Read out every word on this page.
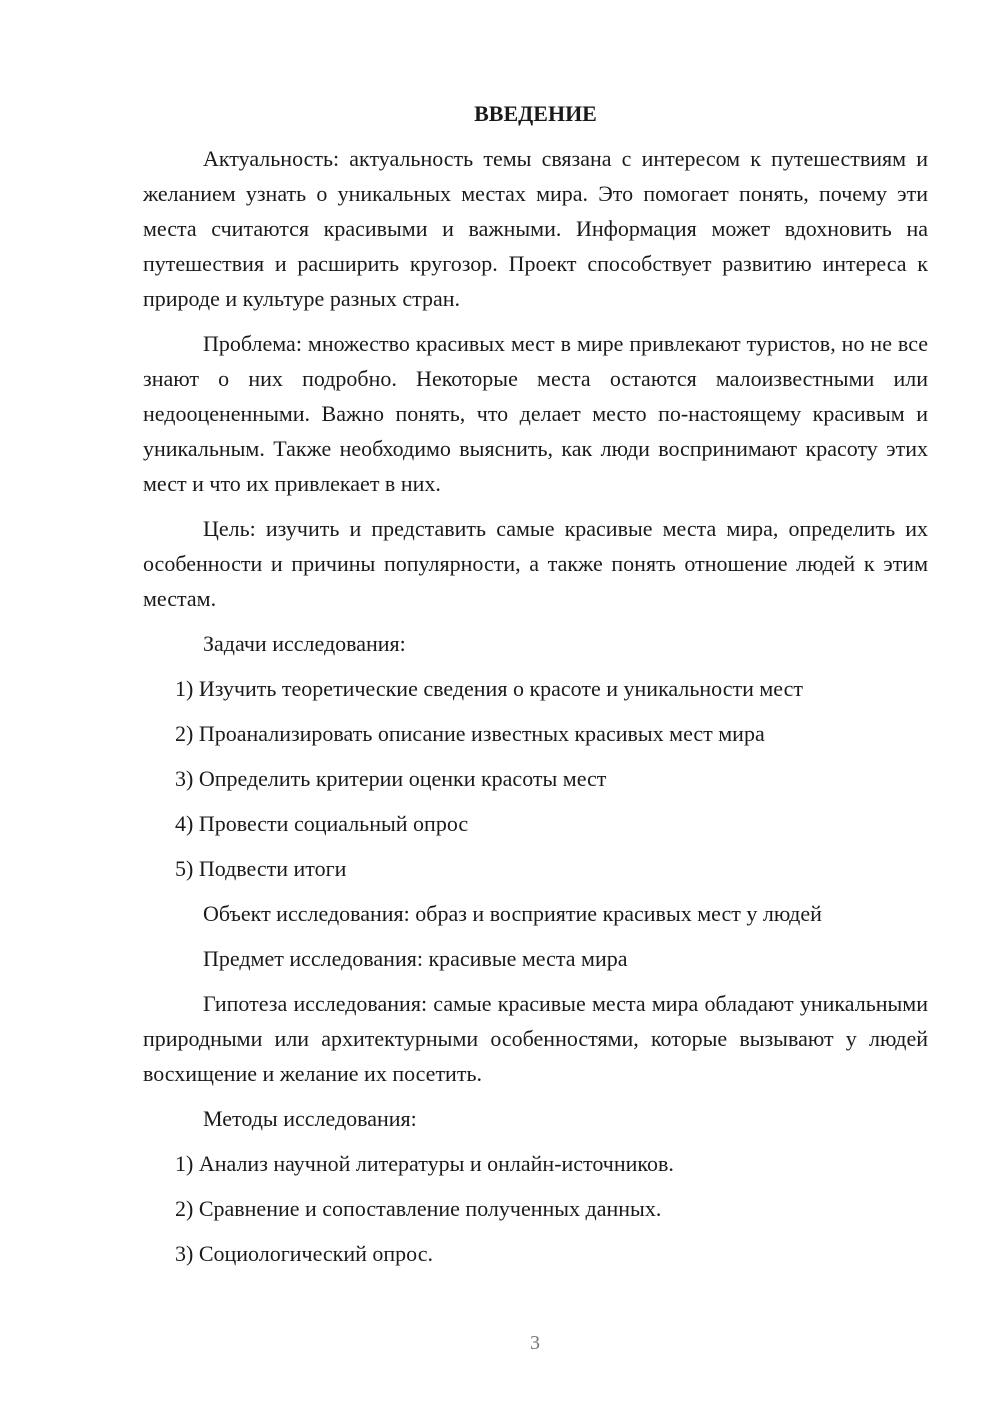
ВВЕДЕНИЕ
Актуальность: актуальность темы связана с интересом к путешествиям и желанием узнать о уникальных местах мира. Это помогает понять, почему эти места считаются красивыми и важными. Информация может вдохновить на путешествия и расширить кругозор. Проект способствует развитию интереса к природе и культуре разных стран.
Проблема: множество красивых мест в мире привлекают туристов, но не все знают о них подробно. Некоторые места остаются малоизвестными или недооцененными. Важно понять, что делает место по-настоящему красивым и уникальным. Также необходимо выяснить, как люди воспринимают красоту этих мест и что их привлекает в них.
Цель: изучить и представить самые красивые места мира, определить их особенности и причины популярности, а также понять отношение людей к этим местам.
Задачи исследования:
1) Изучить теоретические сведения о красоте и уникальности мест
2) Проанализировать описание известных красивых мест мира
3) Определить критерии оценки красоты мест
4) Провести социальный опрос
5) Подвести итоги
Объект исследования: образ и восприятие красивых мест у людей
Предмет исследования: красивые места мира
Гипотеза исследования: самые красивые места мира обладают уникальными природными или архитектурными особенностями, которые вызывают у людей восхищение и желание их посетить.
Методы исследования:
1) Анализ научной литературы и онлайн-источников.
2) Сравнение и сопоставление полученных данных.
3) Социологический опрос.
3
